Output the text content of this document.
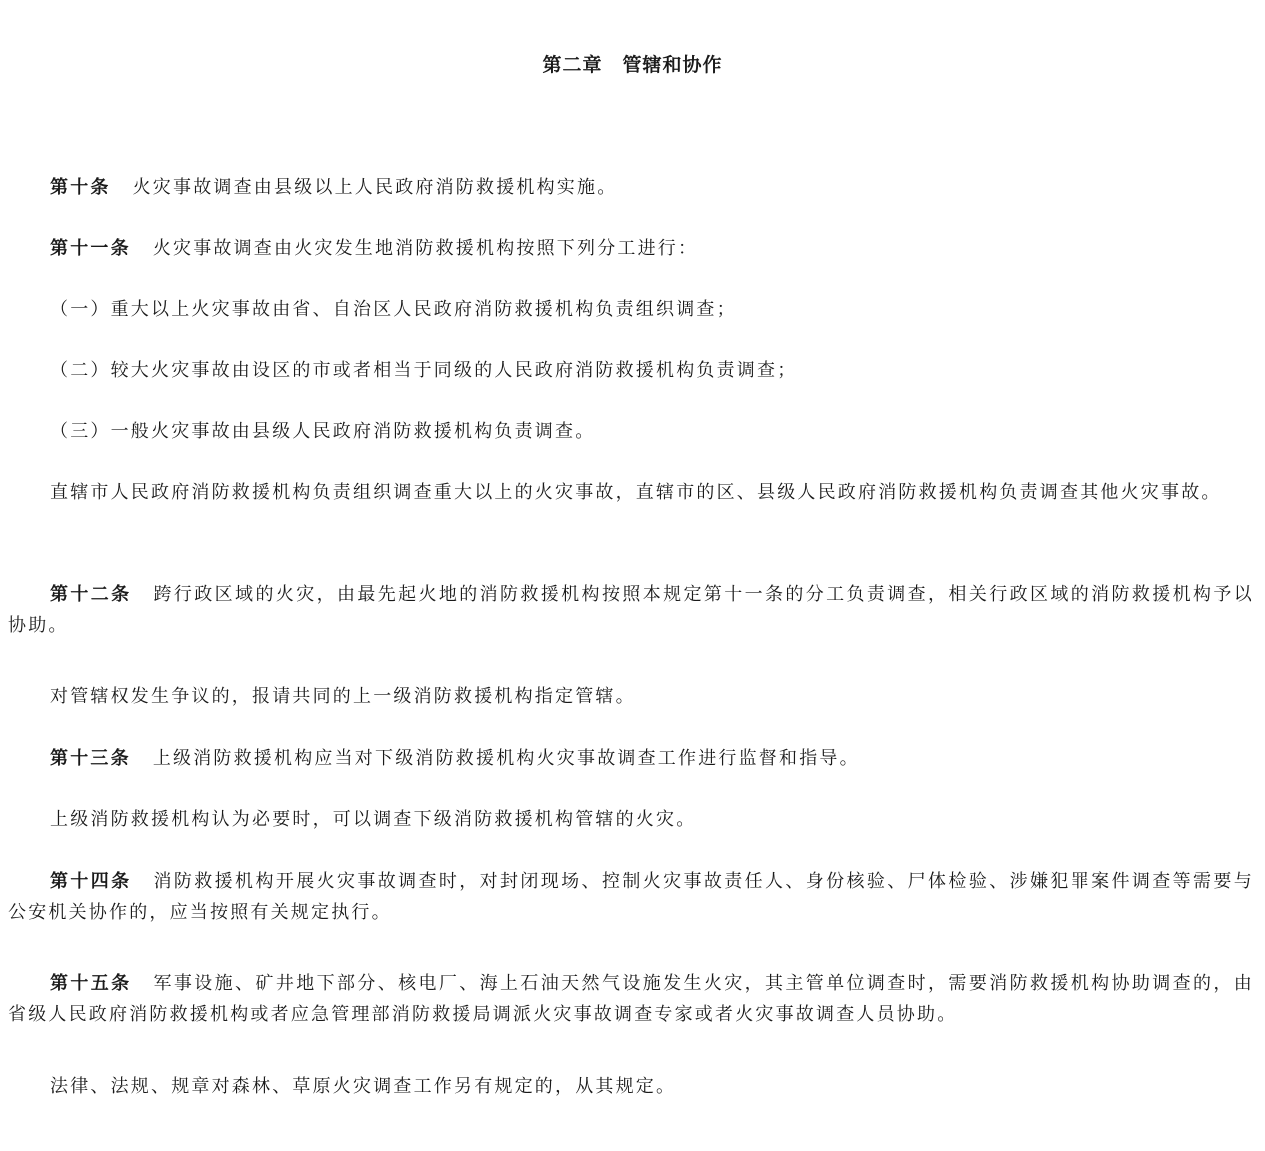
第二章　管辖和协作

第十条 火灾事故调查由县级以上人民政府消防救援机构实施。

第十一条 火灾事故调查由火灾发生地消防救援机构按照下列分工进行：

（一）重大以上火灾事故由省、自治区人民政府消防救援机构负责组织调查；

（二）较大火灾事故由设区的市或者相当于同级的人民政府消防救援机构负责调查；

（三）一般火灾事故由县级人民政府消防救援机构负责调查。

直辖市人民政府消防救援机构负责组织调查重大以上的火灾事故，直辖市的区、县级人民政府消防救援机构负责调查其他火灾事故。

第十二条 跨行政区域的火灾，由最先起火地的消防救援机构按照本规定第十一条的分工负责调查，相关行政区域的消防救援机构予以协助。

对管辖权发生争议的，报请共同的上一级消防救援机构指定管辖。

第十三条 上级消防救援机构应当对下级消防救援机构火灾事故调查工作进行监督和指导。

上级消防救援机构认为必要时，可以调查下级消防救援机构管辖的火灾。

第十四条 消防救援机构开展火灾事故调查时，对封闭现场、控制火灾事故责任人、身份核验、尸体检验、涉嫌犯罪案件调查等需要与公安机关协作的，应当按照有关规定执行。

第十五条 军事设施、矿井地下部分、核电厂、海上石油天然气设施发生火灾，其主管单位调查时，需要消防救援机构协助调查的，由省级人民政府消防救援机构或者应急管理部消防救援局调派火灾事故调查专家或者火灾事故调查人员协助。

法律、法规、规章对森林、草原火灾调查工作另有规定的，从其规定。
